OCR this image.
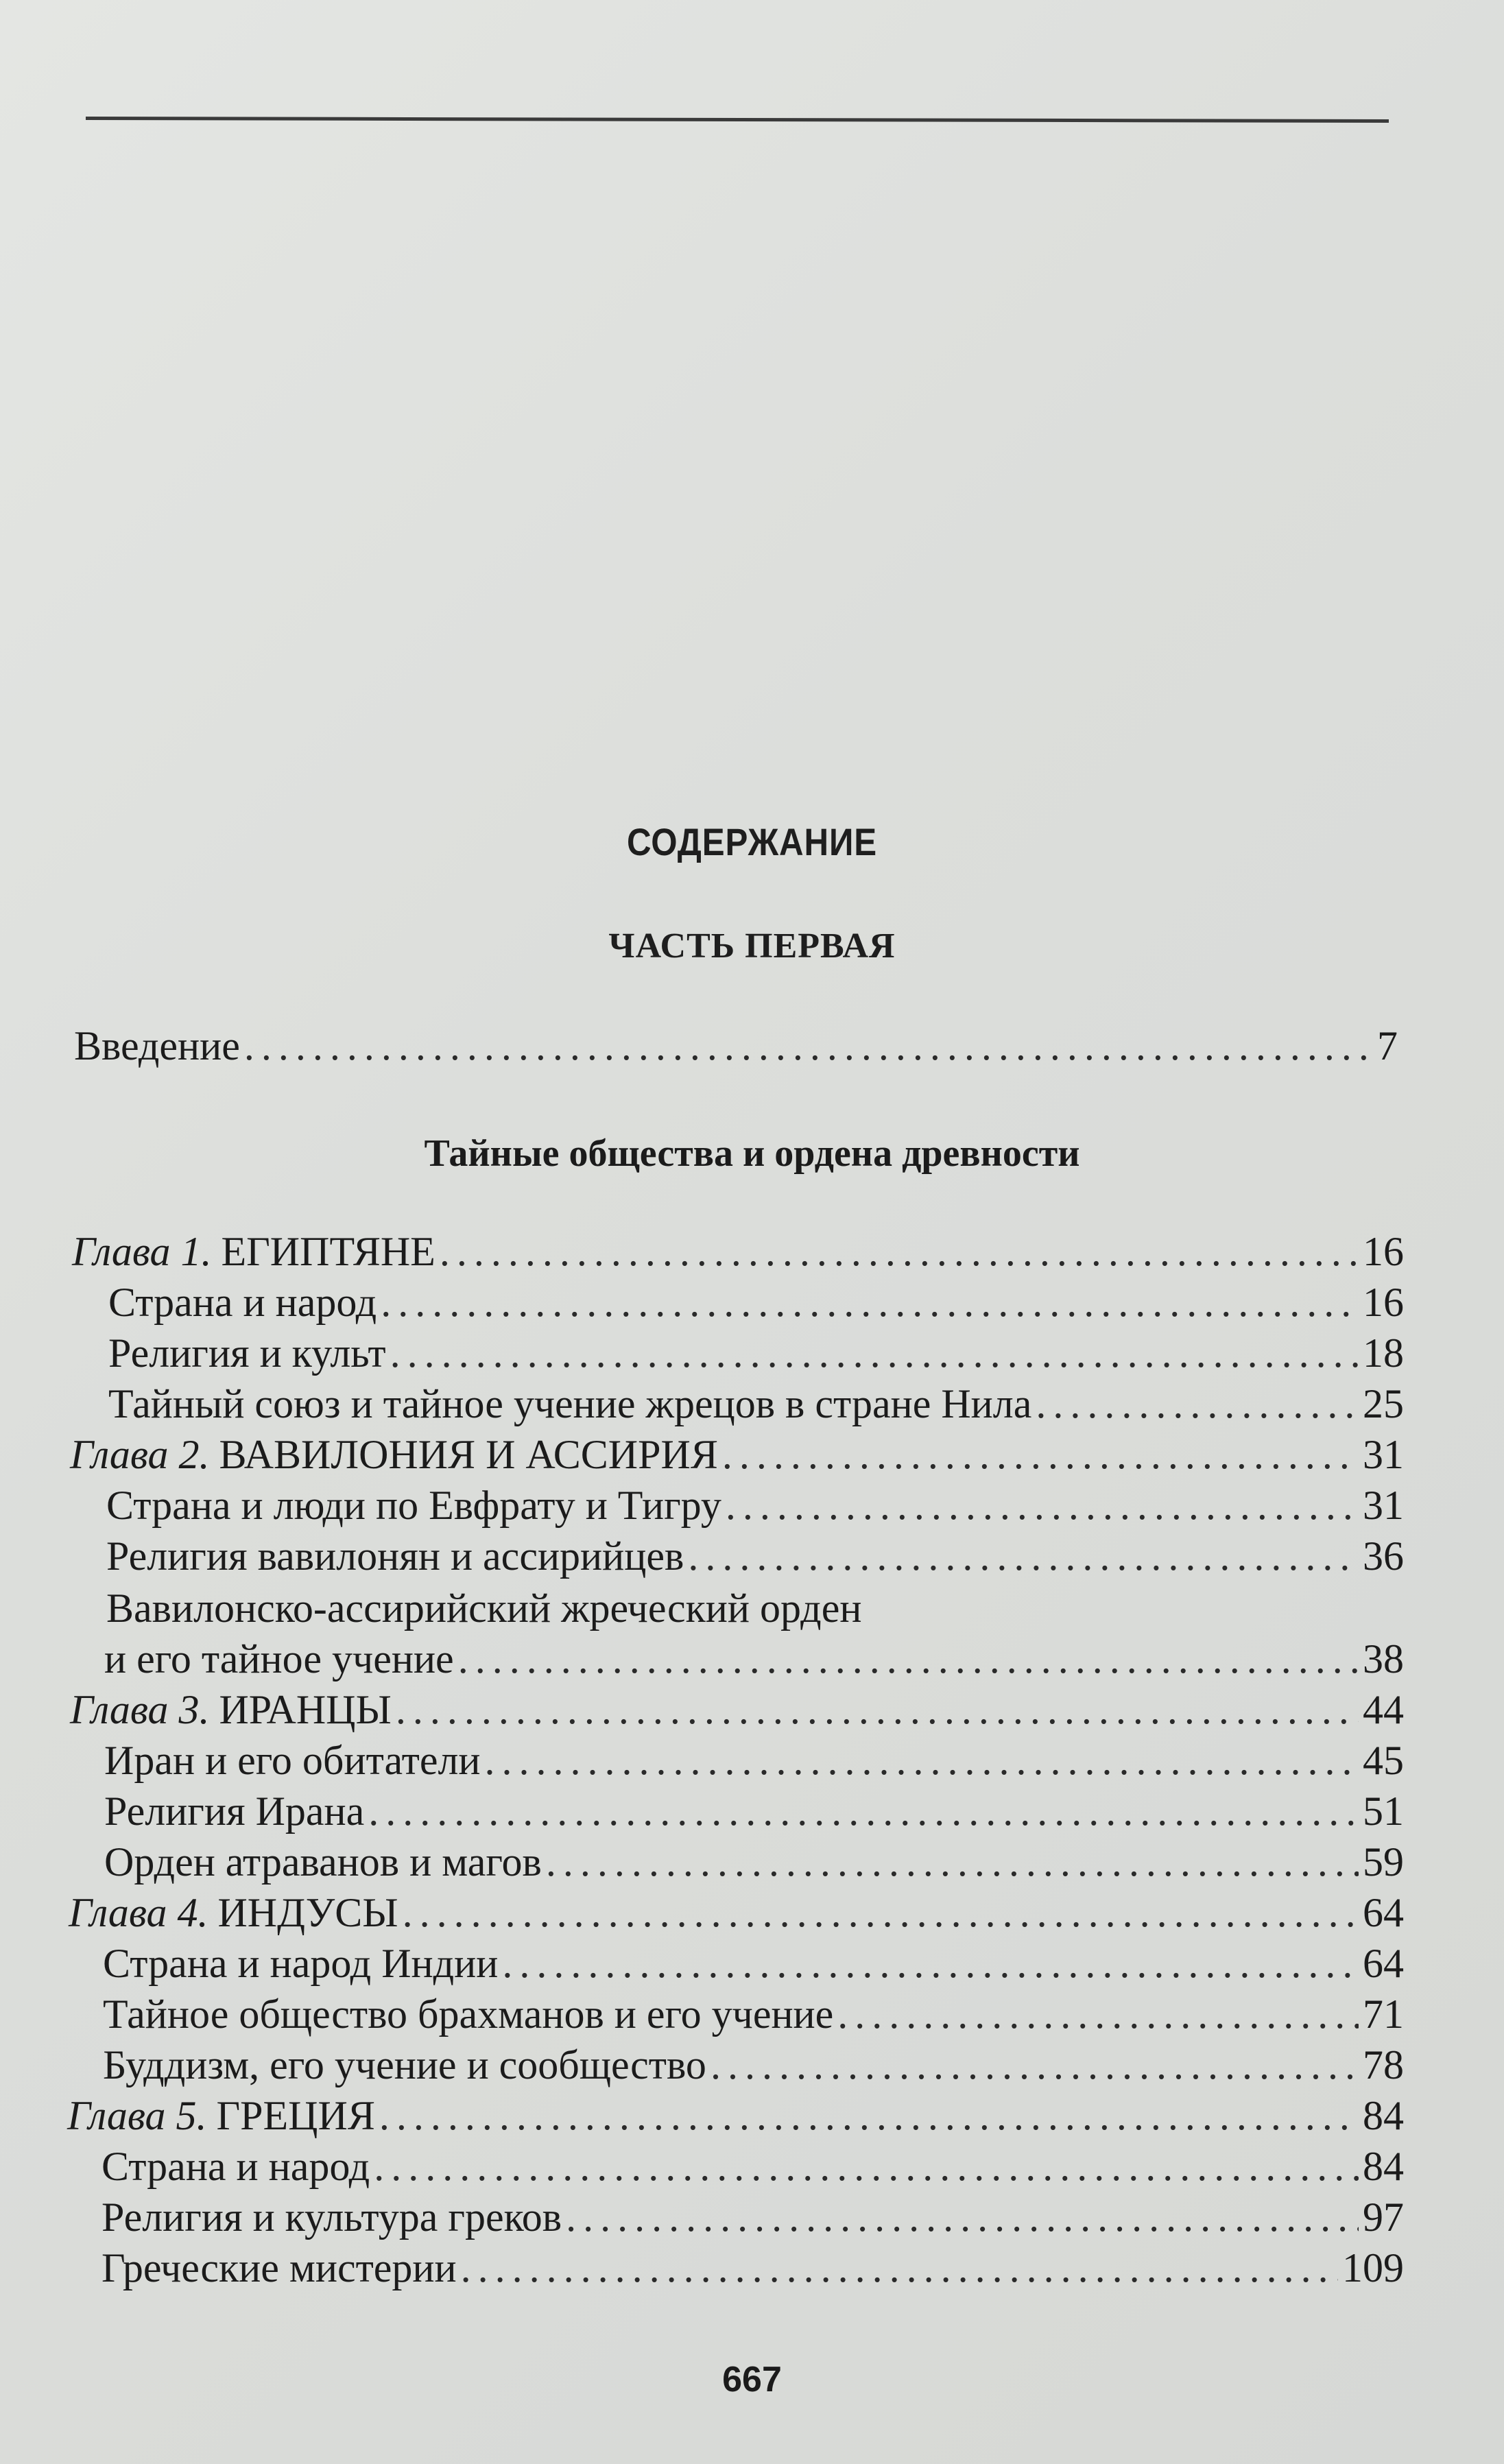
СОДЕРЖАНИЕ
ЧАСТЬ ПЕРВАЯ
Введение .....	7
Тайные общества и ордена древности
Глава 1. ЕГИПТЯНЕ .....	16
Страна и народ .....	16
Религия и культ .....	18
Тайный союз и тайное учение жрецов в стране Нила .....	25
Глава 2. ВАВИЛОНИЯ И АССИРИЯ .....	31
Страна и люди по Евфрату и Тигру .....	31
Религия вавилонян и ассирийцев .....	36
Вавилонско-ассирийский жреческий орден
и его тайное учение .....	38
Глава 3. ИРАНЦЫ .....	44
Иран и его обитатели .....	45
Религия Ирана .....	51
Орден атраванов и магов .....	59
Глава 4. ИНДУСЫ .....	64
Страна и народ Индии .....	64
Тайное общество брахманов и его учение .....	71
Буддизм, его учение и сообщество .....	78
Глава 5. ГРЕЦИЯ .....	84
Страна и народ .....	84
Религия и культура греков .....	97
Греческие мистерии .....	109
667
